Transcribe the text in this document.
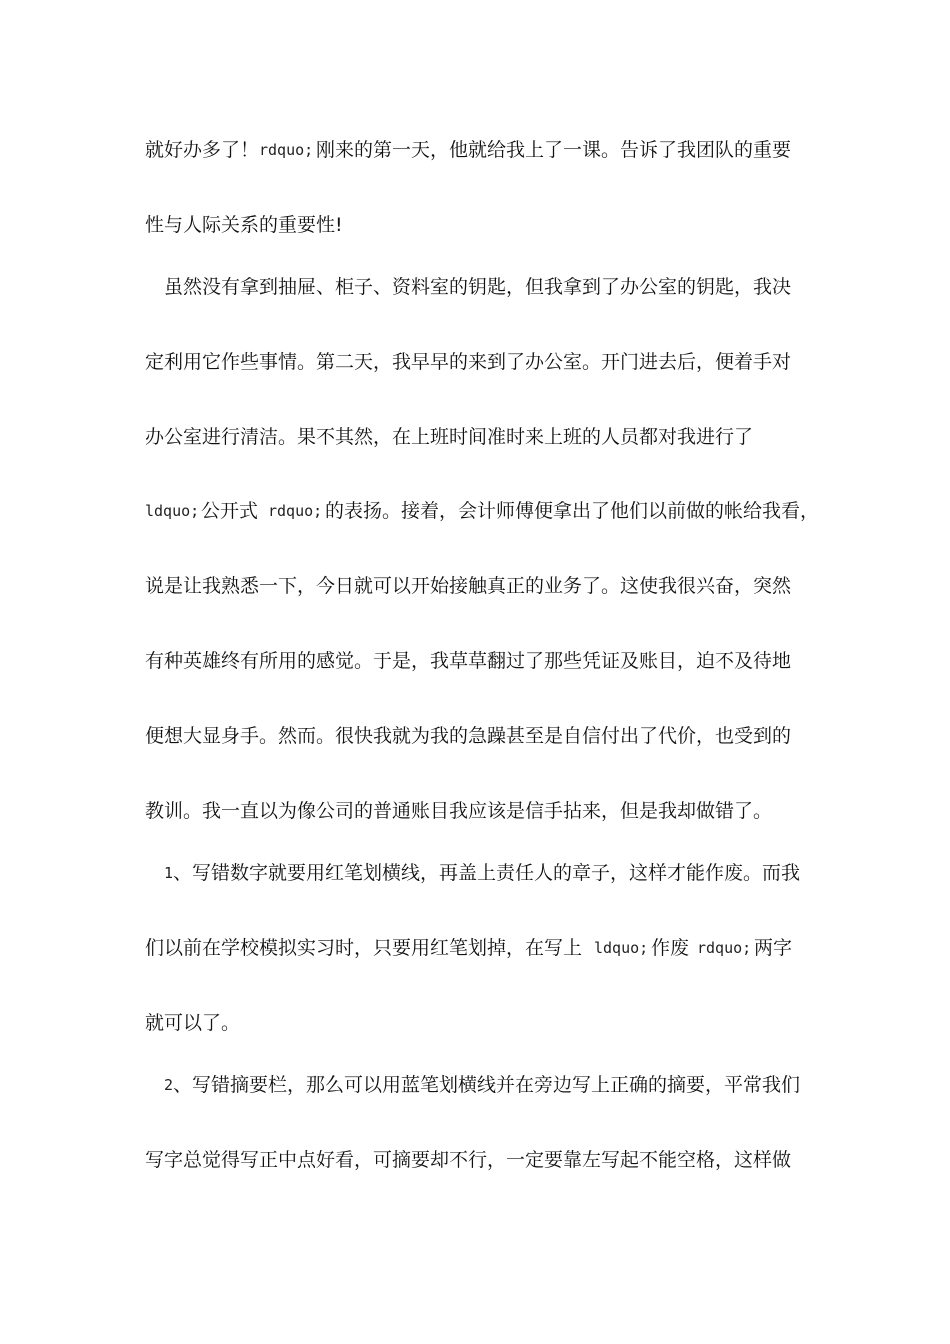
就好办多了！ rdquo; 刚来的第一天，他就给我上了一课。告诉了我团队的重要
性与人际关系的重要性!
虽然没有拿到抽屉、柜子、资料室的钥匙，但我拿到了办公室的钥匙，我决
定利用它作些事情。第二天，我早早的来到了办公室。开门进去后，便着手对
办公室进行清洁。果不其然，在上班时间准时来上班的人员都对我进行了
ldquo; 公开式 rdquo; 的表扬。接着，会计师傅便拿出了他们以前做的帐给我看，
说是让我熟悉一下，今日就可以开始接触真正的业务了。这使我很兴奋，突然
有种英雄终有所用的感觉。于是，我草草翻过了那些凭证及账目，迫不及待地
便想大显身手。然而。很快我就为我的急躁甚至是自信付出了代价，也受到的
教训。我一直以为像公司的普通账目我应该是信手拈来，但是我却做错了。
1 、写错数字就要用红笔划横线，再盖上责任人的章子，这样才能作废。而我
们以前在学校模拟实习时，只要用红笔划掉，在写上 ldquo; 作废 rdquo; 两字
就可以了。
2 、写错摘要栏，那么可以用蓝笔划横线并在旁边写上正确的摘要，平常我们
写字总觉得写正中点好看，可摘要却不行，一定要靠左写起不能空格，这样做
